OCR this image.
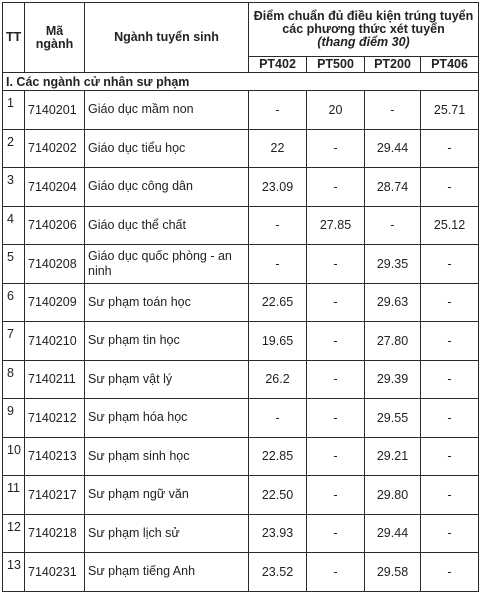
TT	Mã ngành	Ngành tuyển sinh	Điểm chuẩn đủ điều kiện trúng tuyển
các phương thức xét tuyển
(thang điểm 30)			

			PT402	PT500	PT200	PT406
I. Các ngành cử nhân sư phạm						
1	7140201	Giáo dục mầm non	-	20	-	25.71
2	7140202	Giáo dục tiểu học	22	-	29.44	-
3	7140204	Giáo dục công dân	23.09	-	28.74	-
4	7140206	Giáo dục thể chất	-	27.85	-	25.12
5	7140208	Giáo dục quốc phòng - an ninh	-	-	29.35	-
6	7140209	Sư phạm toán học	22.65	-	29.63	-
7	7140210	Sư phạm tin học	19.65	-	27.80	-
8	7140211	Sư phạm vật lý	26.2	-	29.39	-
9	7140212	Sư phạm hóa học	-	-	29.55	-
10	7140213	Sư phạm sinh học	22.85	-	29.21	-
11	7140217	Sư phạm ngữ văn	22.50	-	29.80	-
12	7140218	Sư phạm lịch sử	23.93	-	29.44	-
13	7140231	Sư phạm tiếng Anh	23.52	-	29.58	-
